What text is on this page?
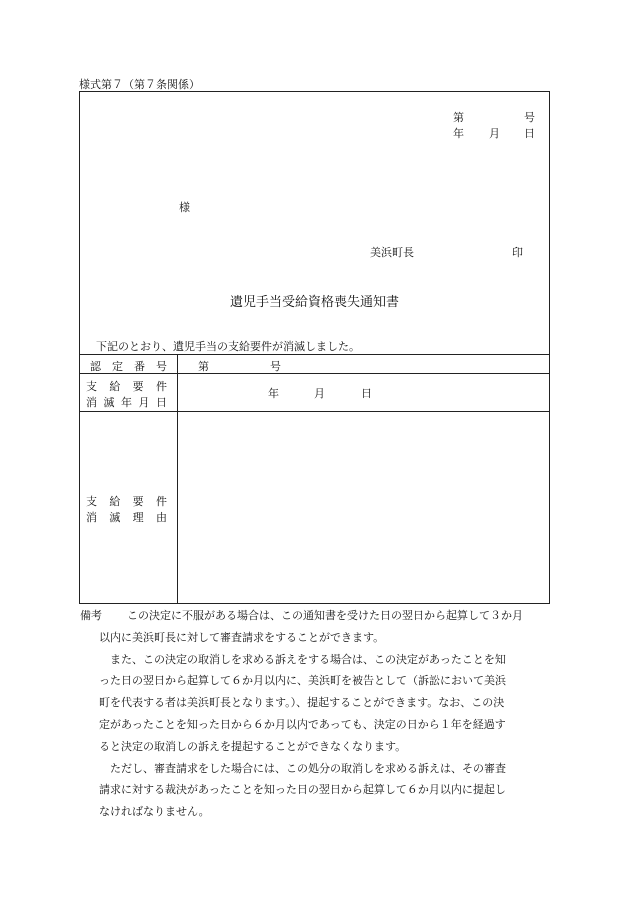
様式第７（第７条関係）
第	号
年 月 日
様
美浜町長	印
遺児手当受給資格喪失通知書
下記のとおり、遺児手当の支給要件が消滅しました。
認　定　番　号	第	号
支 給 要 件
消 滅 年 月 日
年	月	日
支 給 要 件
消 滅 理 由
備考	この決定に不服がある場合は、この通知書を受けた日の翌日から起算して３か月

以内に美浜町長に対して審査請求をすることができます。

また、この決定の取消しを求める訴えをする場合は、この決定があったことを知

った日の翌日から起算して６か月以内に、美浜町を被告として（訴訟において美浜

町を代表する者は美浜町長となります。）、提起することができます。なお、この決

定があったことを知った日から６か月以内であっても、決定の日から１年を経過す

ると決定の取消しの訴えを提起することができなくなります。

ただし、審査請求をした場合には、この処分の取消しを求める訴えは、その審査

請求に対する裁決があったことを知った日の翌日から起算して６か月以内に提起し

なければなりません。
